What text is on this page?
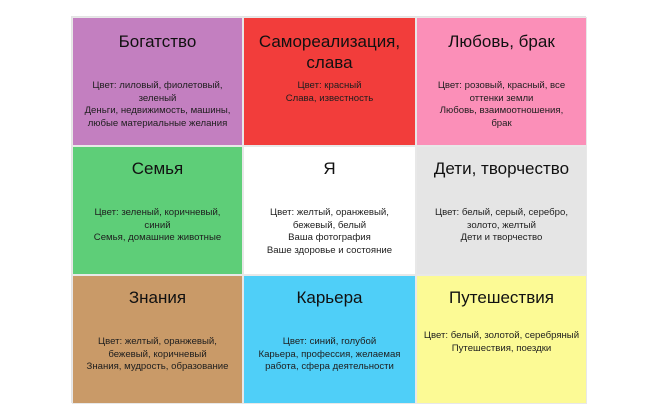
Богатство
Цвет: лиловый, фиолетовый,
зеленый
Деньги, недвижимость, машины,
любые материальные желания
Самореализация, слава
Цвет: красный
Слава, известность
Любовь, брак
Цвет: розовый, красный, все
оттенки земли
Любовь, взаимоотношения,
брак
Семья
Цвет: зеленый, коричневый,
синий
Семья, домашние животные
Я
Цвет: желтый, оранжевый,
бежевый, белый
Ваша фотография
Ваше здоровье и состояние
Дети, творчество
Цвет: белый, серый, серебро,
золото, желтый
Дети и творчество
Знания
Цвет: желтый, оранжевый,
бежевый, коричневый
Знания, мудрость, образование
Карьера
Цвет: синий, голубой
Карьера, профессия, желаемая
работа, сфера деятельности
Путешествия
Цвет: белый, золотой, серебряный
Путешествия, поездки
